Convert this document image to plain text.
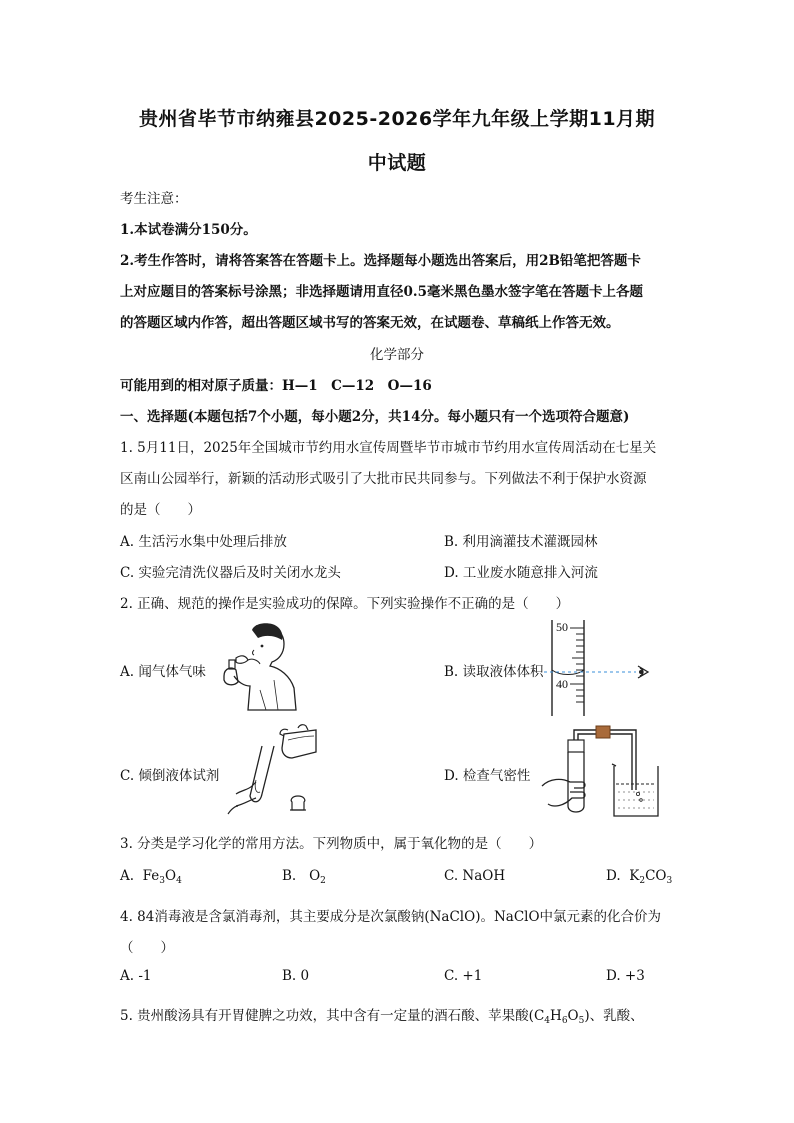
贵州省毕节市纳雍县2025-2026学年九年级上学期11月期
中试题
考生注意：
1.本试卷满分150分。
2.考生作答时，请将答案答在答题卡上。选择题每小题选出答案后，用2B铅笔把答题卡
上对应题目的答案标号涂黑；非选择题请用直径0.5毫米黑色墨水签字笔在答题卡上各题
的答题区域内作答，超出答题区域书写的答案无效，在试题卷、草稿纸上作答无效。
化学部分
可能用到的相对原子质量：H—1　C—12　O—16
一、选择题(本题包括7个小题，每小题2分，共14分。每小题只有一个选项符合题意)
1. 5月11日，2025年全国城市节约用水宣传周暨毕节市城市节约用水宣传周活动在七星关
区南山公园举行，新颖的活动形式吸引了大批市民共同参与。下列做法不利于保护水资源
的是（　　）
A. 生活污水集中处理后排放	B. 利用滴灌技术灌溉园林
C. 实验完清洗仪器后及时关闭水龙头	D. 工业废水随意排入河流
2. 正确、规范的操作是实验成功的保障。下列实验操作不正确的是（　　）
A. 闻气体气味	B. 读取液体体积
50
40
C. 倾倒液体试剂	D. 检查气密性
3. 分类是学习化学的常用方法。下列物质中，属于氧化物的是（　　）
A. $Fe_3O_4$	B. $O_2$	C. NaOH	D. $K_2CO_3$
4. 84消毒液是含氯消毒剂，其主要成分是次氯酸钠(NaClO)。NaClO中氯元素的化合价为
（　　）
A. -1	B. 0	C. +1	D. +3
5. 贵州酸汤具有开胃健脾之功效，其中含有一定量的酒石酸、苹果酸$(C_4H_6O_5)$、乳酸、
